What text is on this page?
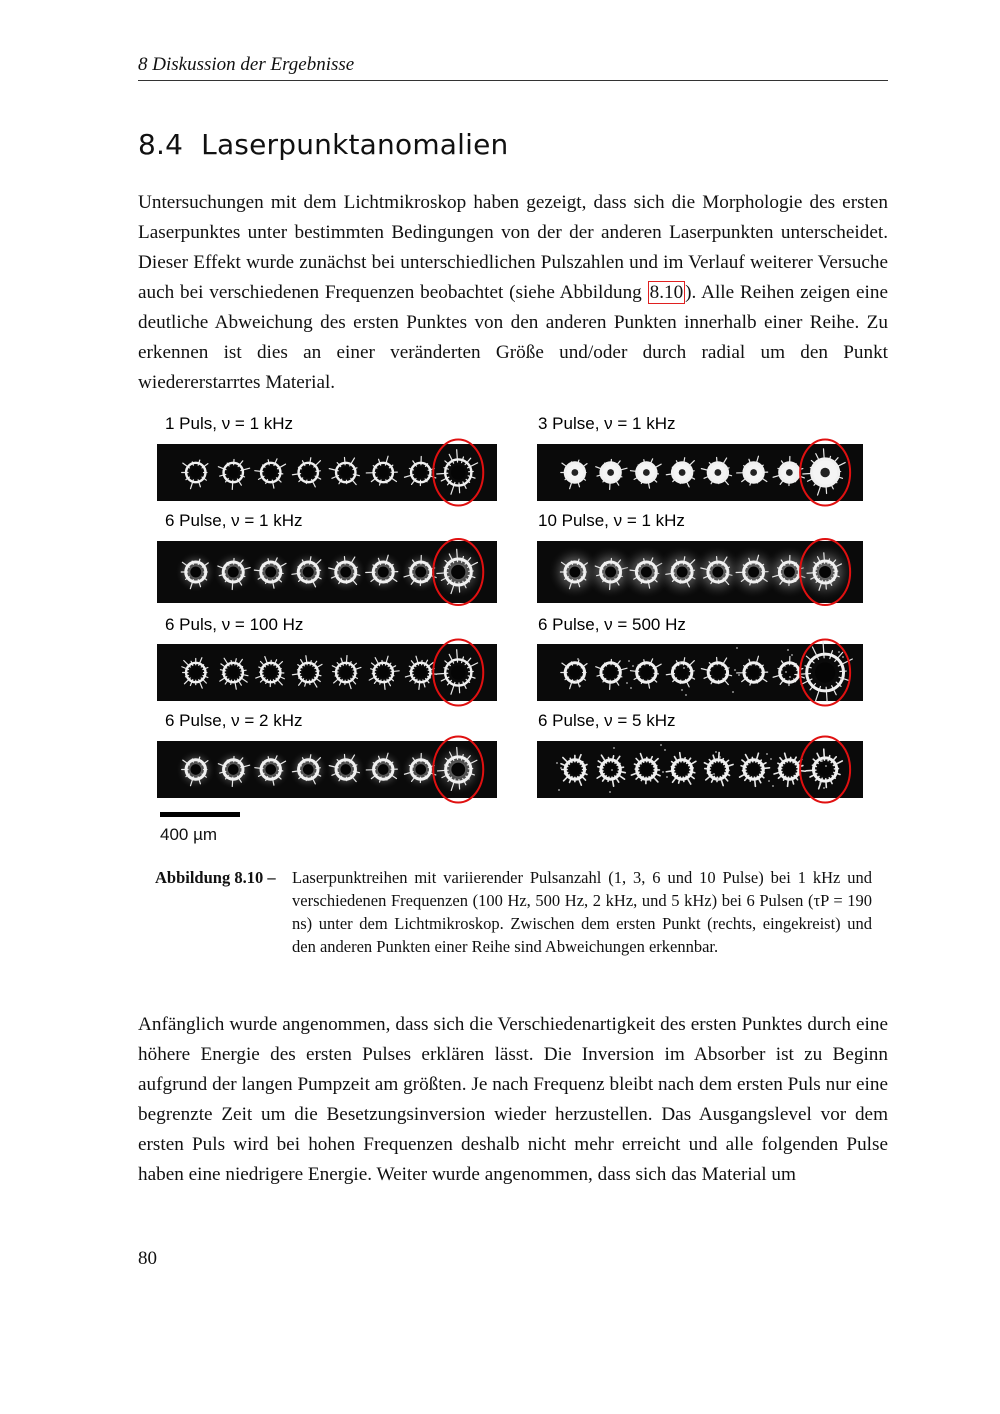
8 Diskussion der Ergebnisse
8.4 Laserpunktanomalien

Untersuchungen mit dem Lichtmikroskop haben gezeigt, dass sich die Morphologie des ersten Laserpunktes unter bestimmten Bedingungen von der der anderen Laserpunkten unterscheidet. Dieser Effekt wurde zunächst bei unterschiedlichen Pulszahlen und im Verlauf weiterer Versuche auch bei verschiedenen Frequenzen beobachtet (siehe Abbildung 8.10 ). Alle Reihen zeigen eine deutliche Abweichung des ersten Punktes von den anderen Punkten innerhalb einer Reihe. Zu erkennen ist dies an einer veränderten Größe und/oder durch radial um den Punkt wiedererstarrtes Material.

1 Puls, ν = 1 kHz	3 Pulse, ν = 1 kHz
6 Pulse, ν = 1 kHz	10 Pulse, ν = 1 kHz
6 Puls, ν = 100 Hz	6 Pulse, ν = 500 Hz
6 Pulse, ν = 2 kHz	6 Pulse, ν = 5 kHz
400 µm
Abbildung 8.10 – Laserpunktreihen mit variierender Pulsanzahl (1, 3, 6 und 10 Pulse) bei 1 kHz und verschiedenen Frequenzen (100 Hz, 500 Hz, 2 kHz, und 5 kHz) bei 6 Pulsen (τP = 190 ns) unter dem Lichtmikroskop. Zwischen dem ersten Punkt (rechts, eingekreist) und den anderen Punkten einer Reihe sind Abweichungen erkennbar.

Anfänglich wurde angenommen, dass sich die Verschiedenartigkeit des ersten Punktes durch eine höhere Energie des ersten Pulses erklären lässt. Die Inversion im Absorber ist zu Beginn aufgrund der langen Pumpzeit am größten. Je nach Frequenz bleibt nach dem ersten Puls nur eine begrenzte Zeit um die Besetzungsinversion wieder herzustellen. Das Ausgangslevel vor dem ersten Puls wird bei hohen Frequenzen deshalb nicht mehr erreicht und alle folgenden Pulse haben eine niedrigere Energie. Weiter wurde angenommen, dass sich das Material um

80
